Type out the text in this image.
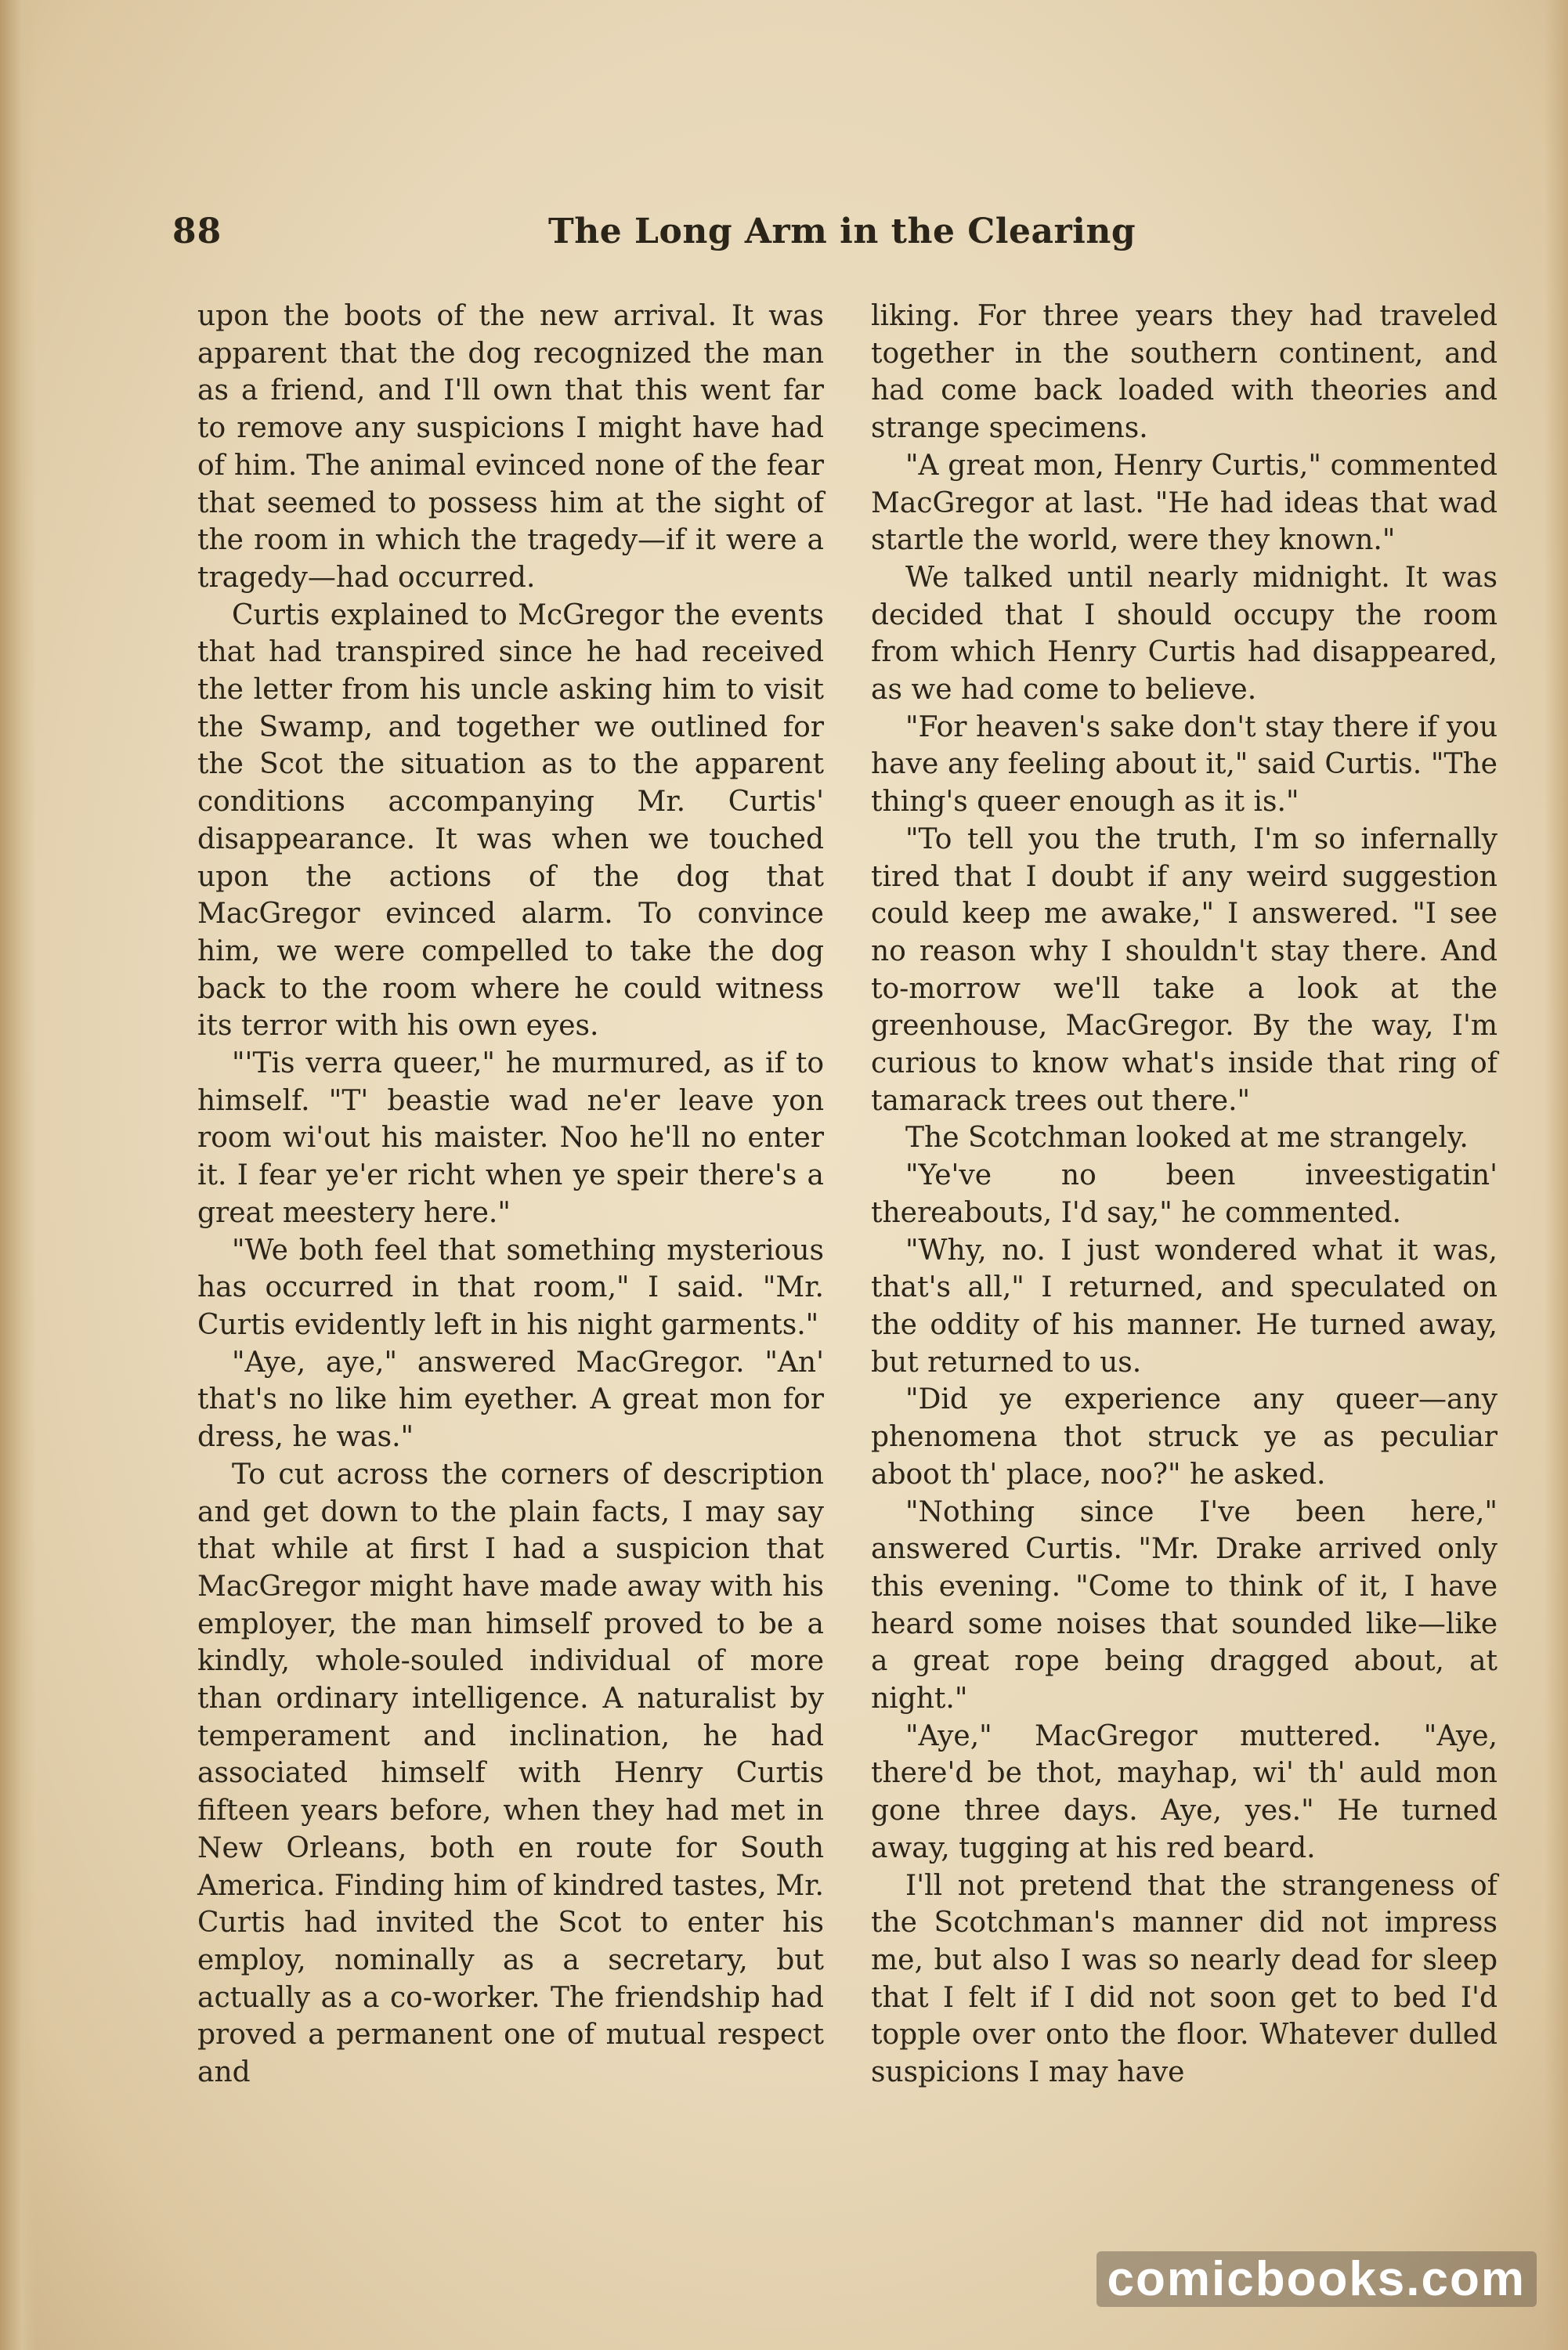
88	The Long Arm in the Clearing

upon the boots of the new arrival. It was apparent that the dog recognized the man as a friend, and I'll own that this went far to remove any suspicions I might have had of him. The animal evinced none of the fear that seemed to possess him at the sight of the room in which the tragedy—if it were a tragedy—had occurred.

Curtis explained to McGregor the events that had transpired since he had received the letter from his uncle asking him to visit the Swamp, and together we outlined for the Scot the situation as to the apparent conditions accompanying Mr. Curtis' disappearance. It was when we touched upon the actions of the dog that MacGregor evinced alarm. To convince him, we were compelled to take the dog back to the room where he could witness its terror with his own eyes.

"'Tis verra queer," he murmured, as if to himself. "T' beastie wad ne'er leave yon room wi'out his maister. Noo he'll no enter it. I fear ye'er richt when ye speir there's a great meestery here."

"We both feel that something mysterious has occurred in that room," I said. "Mr. Curtis evidently left in his night garments."

"Aye, aye," answered MacGregor. "An' that's no like him eyether. A great mon for dress, he was."

To cut across the corners of description and get down to the plain facts, I may say that while at first I had a suspicion that MacGregor might have made away with his employer, the man himself proved to be a kindly, whole-souled individual of more than ordinary intelligence. A naturalist by temperament and inclination, he had associated himself with Henry Curtis fifteen years before, when they had met in New Orleans, both en route for South America. Finding him of kindred tastes, Mr. Curtis had invited the Scot to enter his employ, nominally as a secretary, but actually as a co-worker. The friendship had proved a permanent one of mutual respect and

liking. For three years they had traveled together in the southern continent, and had come back loaded with theories and strange specimens.

"A great mon, Henry Curtis," commented MacGregor at last. "He had ideas that wad startle the world, were they known."

We talked until nearly midnight. It was decided that I should occupy the room from which Henry Curtis had disappeared, as we had come to believe.

"For heaven's sake don't stay there if you have any feeling about it," said Curtis. "The thing's queer enough as it is."

"To tell you the truth, I'm so infernally tired that I doubt if any weird suggestion could keep me awake," I answered. "I see no reason why I shouldn't stay there. And to-morrow we'll take a look at the greenhouse, MacGregor. By the way, I'm curious to know what's inside that ring of tamarack trees out there."

The Scotchman looked at me strangely.

"Ye've no been inveestigatin' thereabouts, I'd say," he commented.

"Why, no. I just wondered what it was, that's all," I returned, and speculated on the oddity of his manner. He turned away, but returned to us.

"Did ye experience any queer—any phenomena thot struck ye as peculiar aboot th' place, noo?" he asked.

"Nothing since I've been here," answered Curtis. "Mr. Drake arrived only this evening. "Come to think of it, I have heard some noises that sounded like—like a great rope being dragged about, at night."

"Aye," MacGregor muttered. "Aye, there'd be thot, mayhap, wi' th' auld mon gone three days. Aye, yes." He turned away, tugging at his red beard.

I'll not pretend that the strangeness of the Scotchman's manner did not impress me, but also I was so nearly dead for sleep that I felt if I did not soon get to bed I'd topple over onto the floor. Whatever dulled suspicions I may have

comicbooks.com
